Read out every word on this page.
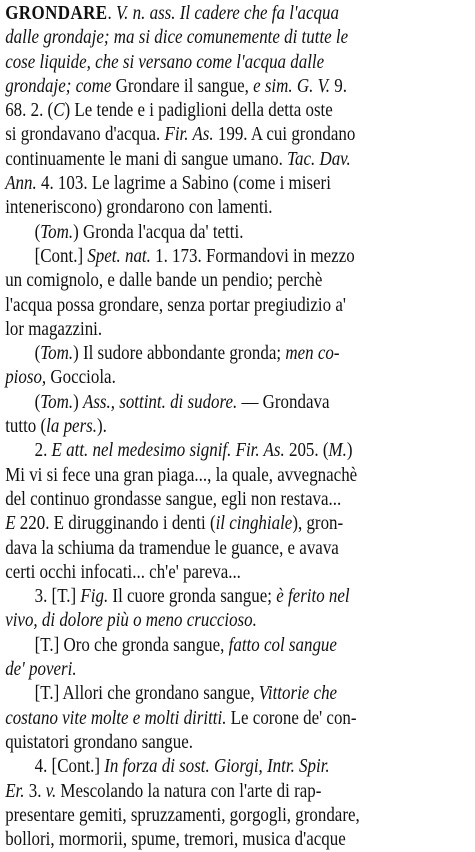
GRONDARE. V. n. ass. Il cadere che fa l'acqua
dalle grondaje; ma si dice comunemente di tutte le
cose liquide, che si versano come l'acqua dalle
grondaje; come Grondare il sangue, e sim. G. V. 9.
68. 2. (C) Le tende e i padiglioni della detta oste
si grondavano d'acqua. Fir. As. 199. A cui grondano
continuamente le mani di sangue umano. Tac. Dav.
Ann. 4. 103. Le lagrime a Sabino (come i miseri
inteneriscono) grondarono con lamenti.
(Tom.) Gronda l'acqua da' tetti.
[Cont.] Spet. nat. 1. 173. Formandovi in mezzo
un comignolo, e dalle bande un pendio; perchè
l'acqua possa grondare, senza portar pregiudizio a'
lor magazzini.
(Tom.) Il sudore abbondante gronda; men co-
pioso, Gocciola.
(Tom.) Ass., sottint. di sudore. — Grondava
tutto (la pers.).
2. E att. nel medesimo signif. Fir. As. 205. (M.)
Mi vi si fece una gran piaga..., la quale, avvegnachè
del continuo grondasse sangue, egli non restava...
E 220. E dirugginando i denti (il cinghiale), gron-
dava la schiuma da tramendue le guance, e avava
certi occhi infocati... ch'e' pareva...
3. [T.] Fig. Il cuore gronda sangue; è ferito nel
vivo, di dolore più o meno cruccioso.
[T.] Oro che gronda sangue, fatto col sangue
de' poveri.
[T.] Allori che grondano sangue, Vittorie che
costano vite molte e molti diritti. Le corone de' con-
quistatori grondano sangue.
4. [Cont.] In forza di sost. Giorgi, Intr. Spir.
Er. 3. v. Mescolando la natura con l'arte di rap-
presentare gemiti, spruzzamenti, gorgogli, grondare,
bollori, mormorii, spume, tremori, musica d'acque
